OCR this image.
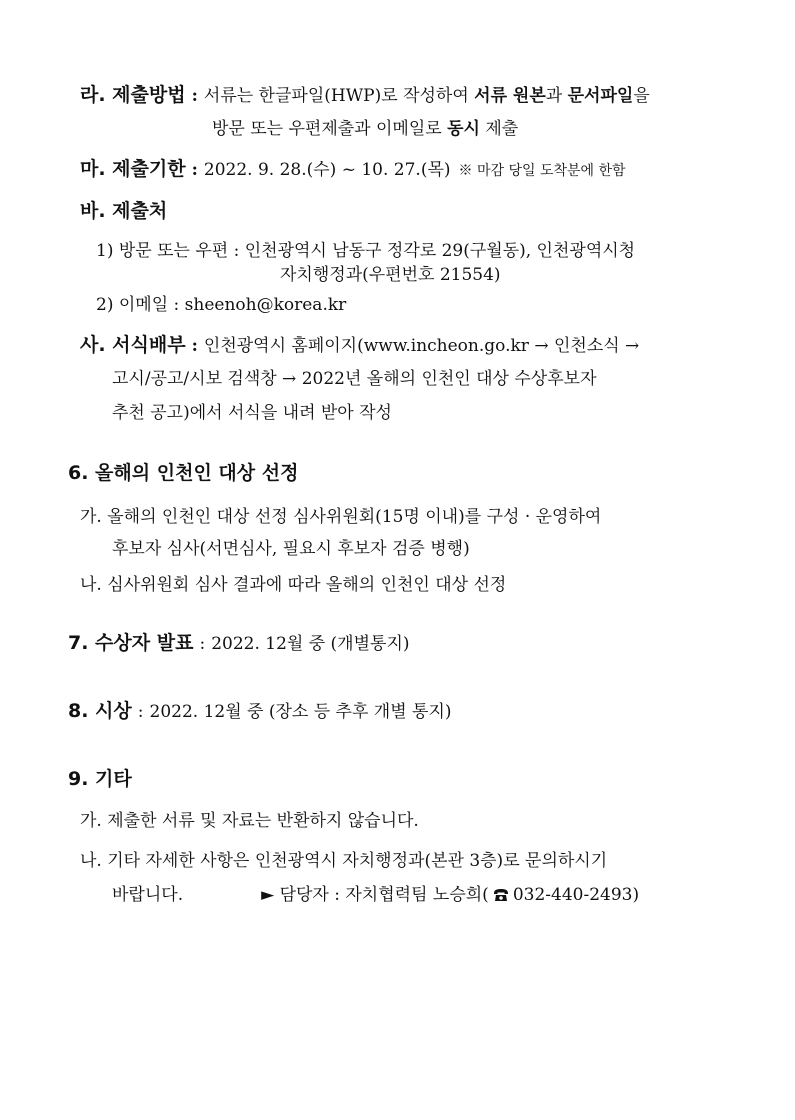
라. 제출방법 : 서류는 한글파일(HWP)로 작성하여 서류 원본과 문서파일을
방문 또는 우편제출과 이메일로 동시 제출
마. 제출기한 : 2022. 9. 28.(수) ~ 10. 27.(목) ※ 마감 당일 도착분에 한함
바. 제출처
1) 방문 또는 우편 : 인천광역시 남동구 정각로 29(구월동), 인천광역시청
자치행정과(우편번호 21554)
2) 이메일 : sheenoh@korea.kr
사. 서식배부 : 인천광역시 홈페이지(www.incheon.go.kr → 인천소식 →
고시/공고/시보 검색창 → 2022년 올해의 인천인 대상 수상후보자
추천 공고)에서 서식을 내려 받아 작성
6. 올해의 인천인 대상 선정
가. 올해의 인천인 대상 선정 심사위원회(15명 이내)를 구성 · 운영하여
후보자 심사(서면심사, 필요시 후보자 검증 병행)
나. 심사위원회 심사 결과에 따라 올해의 인천인 대상 선정
7. 수상자 발표 : 2022. 12월 중 (개별통지)
8. 시상 : 2022. 12월 중 (장소 등 추후 개별 통지)
9. 기타
가. 제출한 서류 및 자료는 반환하지 않습니다.
나. 기타 자세한 사항은 인천광역시 자치행정과(본관 3층)로 문의하시기
바랍니다.	► 담당자 : 자치협력팀 노승희( 032-440-2493)
